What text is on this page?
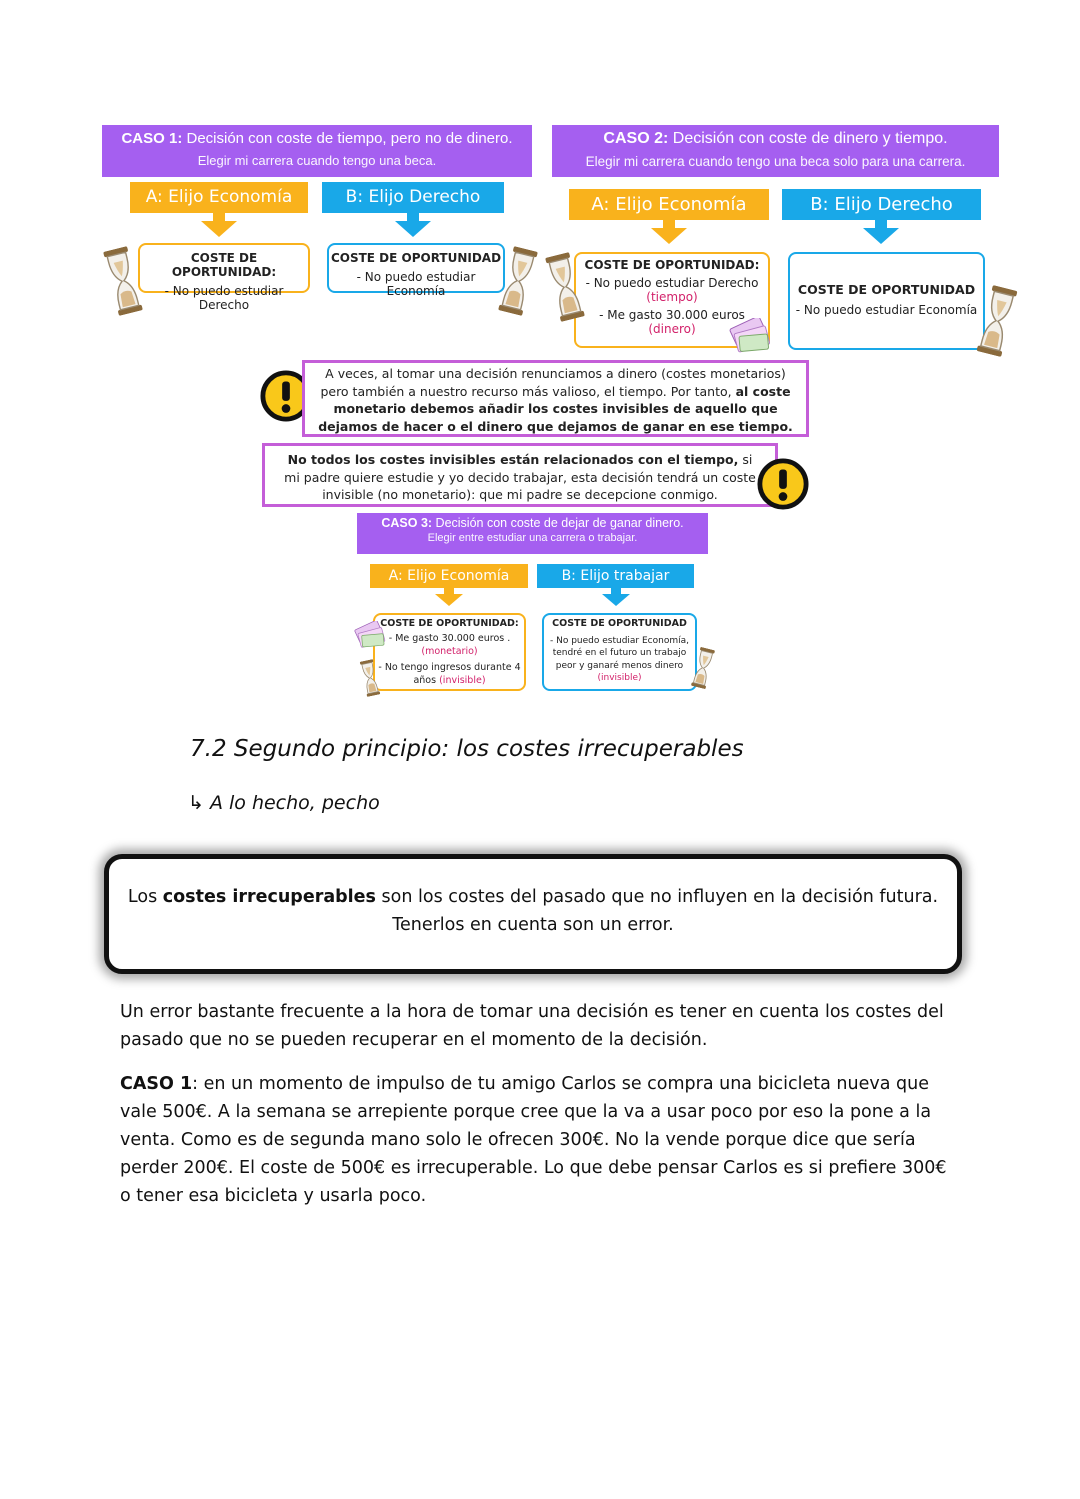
CASO 1: Decisión con coste de tiempo, pero no de dinero.
Elegir mi carrera cuando tengo una beca.
A: Elijo Economía	B: Elijo Derecho
COSTE DE OPORTUNIDAD:
- No puedo estudiar Derecho
COSTE DE OPORTUNIDAD
- No puedo estudiar Economía
CASO 2: Decisión con coste de dinero y tiempo.
Elegir mi carrera cuando tengo una beca solo para una carrera.
A: Elijo Economía	B: Elijo Derecho
COSTE DE OPORTUNIDAD:
- No puedo estudiar Derecho
(tiempo)
- Me gasto 30.000 euros
(dinero)
COSTE DE OPORTUNIDAD
- No puedo estudiar Economía
A veces, al tomar una decisión renunciamos a dinero (costes monetarios) pero también a nuestro recurso más valioso, el tiempo. Por tanto, al coste monetario debemos añadir los costes invisibles de aquello que dejamos de hacer o el dinero que dejamos de ganar en ese tiempo.
No todos los costes invisibles están relacionados con el tiempo, si mi padre quiere estudie y yo decido trabajar, esta decisión tendrá un coste invisible (no monetario): que mi padre se decepcione conmigo.
CASO 3: Decisión con coste de dejar de ganar dinero.
Elegir entre estudiar una carrera o trabajar.
A: Elijo Economía	B: Elijo trabajar
COSTE DE OPORTUNIDAD:
- Me gasto 30.000 euros .
(monetario)
- No tengo ingresos durante 4
años (invisible)
COSTE DE OPORTUNIDAD
- No puedo estudiar Economía,
tendré en el futuro un trabajo
peor y ganaré menos dinero
(invisible)
7.2 Segundo principio: los costes irrecuperables
↳ A lo hecho, pecho
Los costes irrecuperables son los costes del pasado que no influyen en la decisión futura.
Tenerlos en cuenta son un error.
Un error bastante frecuente a la hora de tomar una decisión es tener en cuenta los costes del pasado que no se pueden recuperar en el momento de la decisión.
CASO 1: en un momento de impulso de tu amigo Carlos se compra una bicicleta nueva que vale 500€. A la semana se arrepiente porque cree que la va a usar poco por eso la pone a la venta. Como es de segunda mano solo le ofrecen 300€. No la vende porque dice que sería perder 200€. El coste de 500€ es irrecuperable. Lo que debe pensar Carlos es si prefiere 300€ o tener esa bicicleta y usarla poco.
